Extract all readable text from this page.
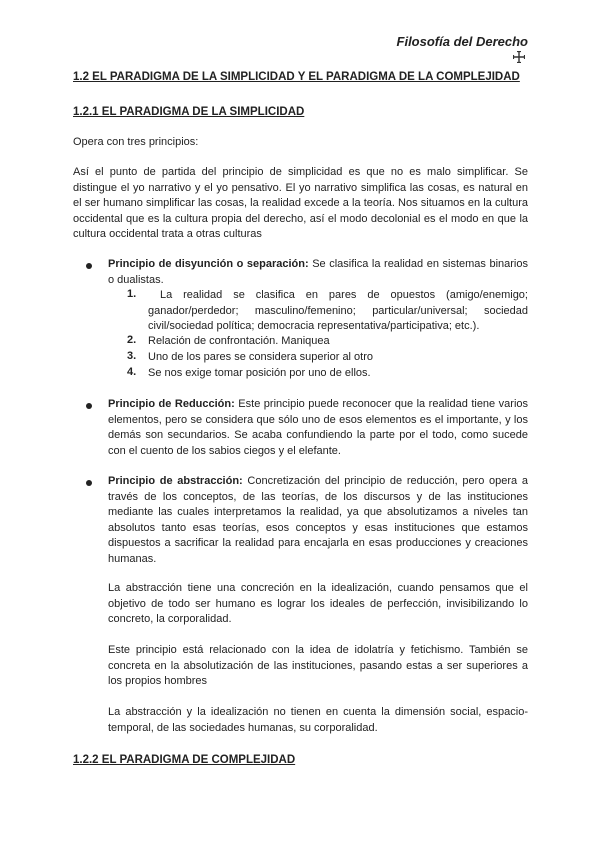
Filosofía del Derecho
1.2 EL PARADIGMA DE LA SIMPLICIDAD Y EL PARADIGMA DE LA COMPLEJIDAD
1.2.1 EL PARADIGMA DE LA SIMPLICIDAD

Opera con tres principios:

Así el punto de partida del principio de simplicidad es que no es malo simplificar. Se distingue el yo narrativo y el yo pensativo. El yo narrativo simplifica las cosas, es natural en el ser humano simplificar las cosas, la realidad excede a la teoría. Nos situamos en la cultura occidental que es la cultura propia del derecho, así el modo decolonial es el modo en que la cultura occidental trata a otras culturas

Principio de disyunción o separación: Se clasifica la realidad en sistemas binarios o dualistas.

1.	La realidad se clasifica en pares de opuestos (amigo/enemigo; ganador/perdedor; masculino/femenino; particular/universal; sociedad civil/sociedad política; democracia representativa/participativa; etc.).
2. Relación de confrontación. Maniquea
3. Uno de los pares se considera superior al otro
4. Se nos exige tomar posición por uno de ellos.

Principio de Reducción: Este principio puede reconocer que la realidad tiene varios elementos, pero se considera que sólo uno de esos elementos es el importante, y los demás son secundarios. Se acaba confundiendo la parte por el todo, como sucede con el cuento de los sabios ciegos y el elefante.

Principio de abstracción: Concretización del principio de reducción, pero opera a través de los conceptos, de las teorías, de los discursos y de las instituciones mediante las cuales interpretamos la realidad, ya que absolutizamos a niveles tan absolutos tanto esas teorías, esos conceptos y esas instituciones que estamos dispuestos a sacrificar la realidad para encajarla en esas producciones y creaciones humanas.

La abstracción tiene una concreción en la idealización, cuando pensamos que el objetivo de todo ser humano es lograr los ideales de perfección, invisibilizando lo concreto, la corporalidad.

Este principio está relacionado con la idea de idolatría y fetichismo. También se concreta en la absolutización de las instituciones, pasando estas a ser superiores a los propios hombres

La abstracción y la idealización no tienen en cuenta la dimensión social, espacio-temporal, de las sociedades humanas, su corporalidad.

1.2.2 EL PARADIGMA DE COMPLEJIDAD
